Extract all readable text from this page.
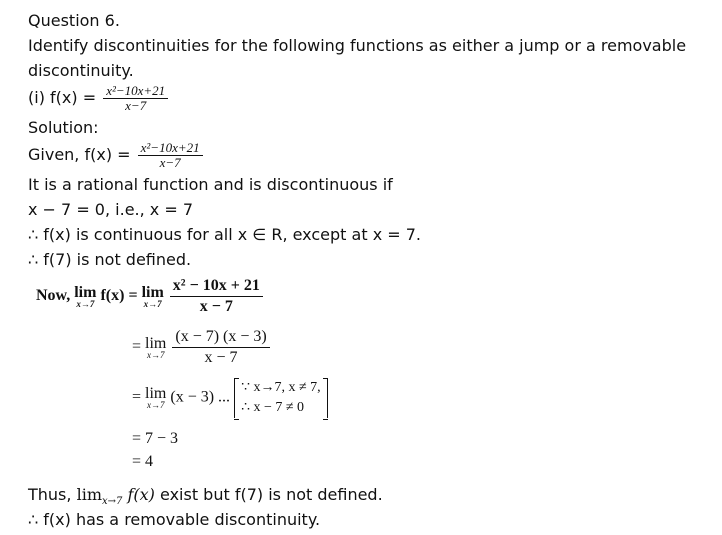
Question 6.
Identify discontinuities for the following functions as either a jump or a removable
discontinuity.
(i) $f(x) = \frac{\text{x²−10x+21}}{x-7}$
Solution:
Given, $f(x) = \frac{\text{x²−10x+21}}{x-7}$
It is a rational function and is discontinuous if
x − 7 = 0, i.e., x = 7
∴ f(x) is continuous for all x ∈ R, except at x = 7.
∴ f(7) is not defined.
Now, lim
x→7 f(x) = lim
x→7
$\frac{\text{x² − 10x + 21}}{x - 7}$
= lim
x→7
$\frac{(x - 7) (x - 3)}{x - 7}$
= lim
x→7 (x − 3) ...
∵ x→7, x ≠ 7,
∴ x − 7 ≠ 0
= 7 − 3
= 4
Thus, $\lim_{x\to 7} f(x)$ exist but f(7) is not defined.
∴ f(x) has a removable discontinuity.
